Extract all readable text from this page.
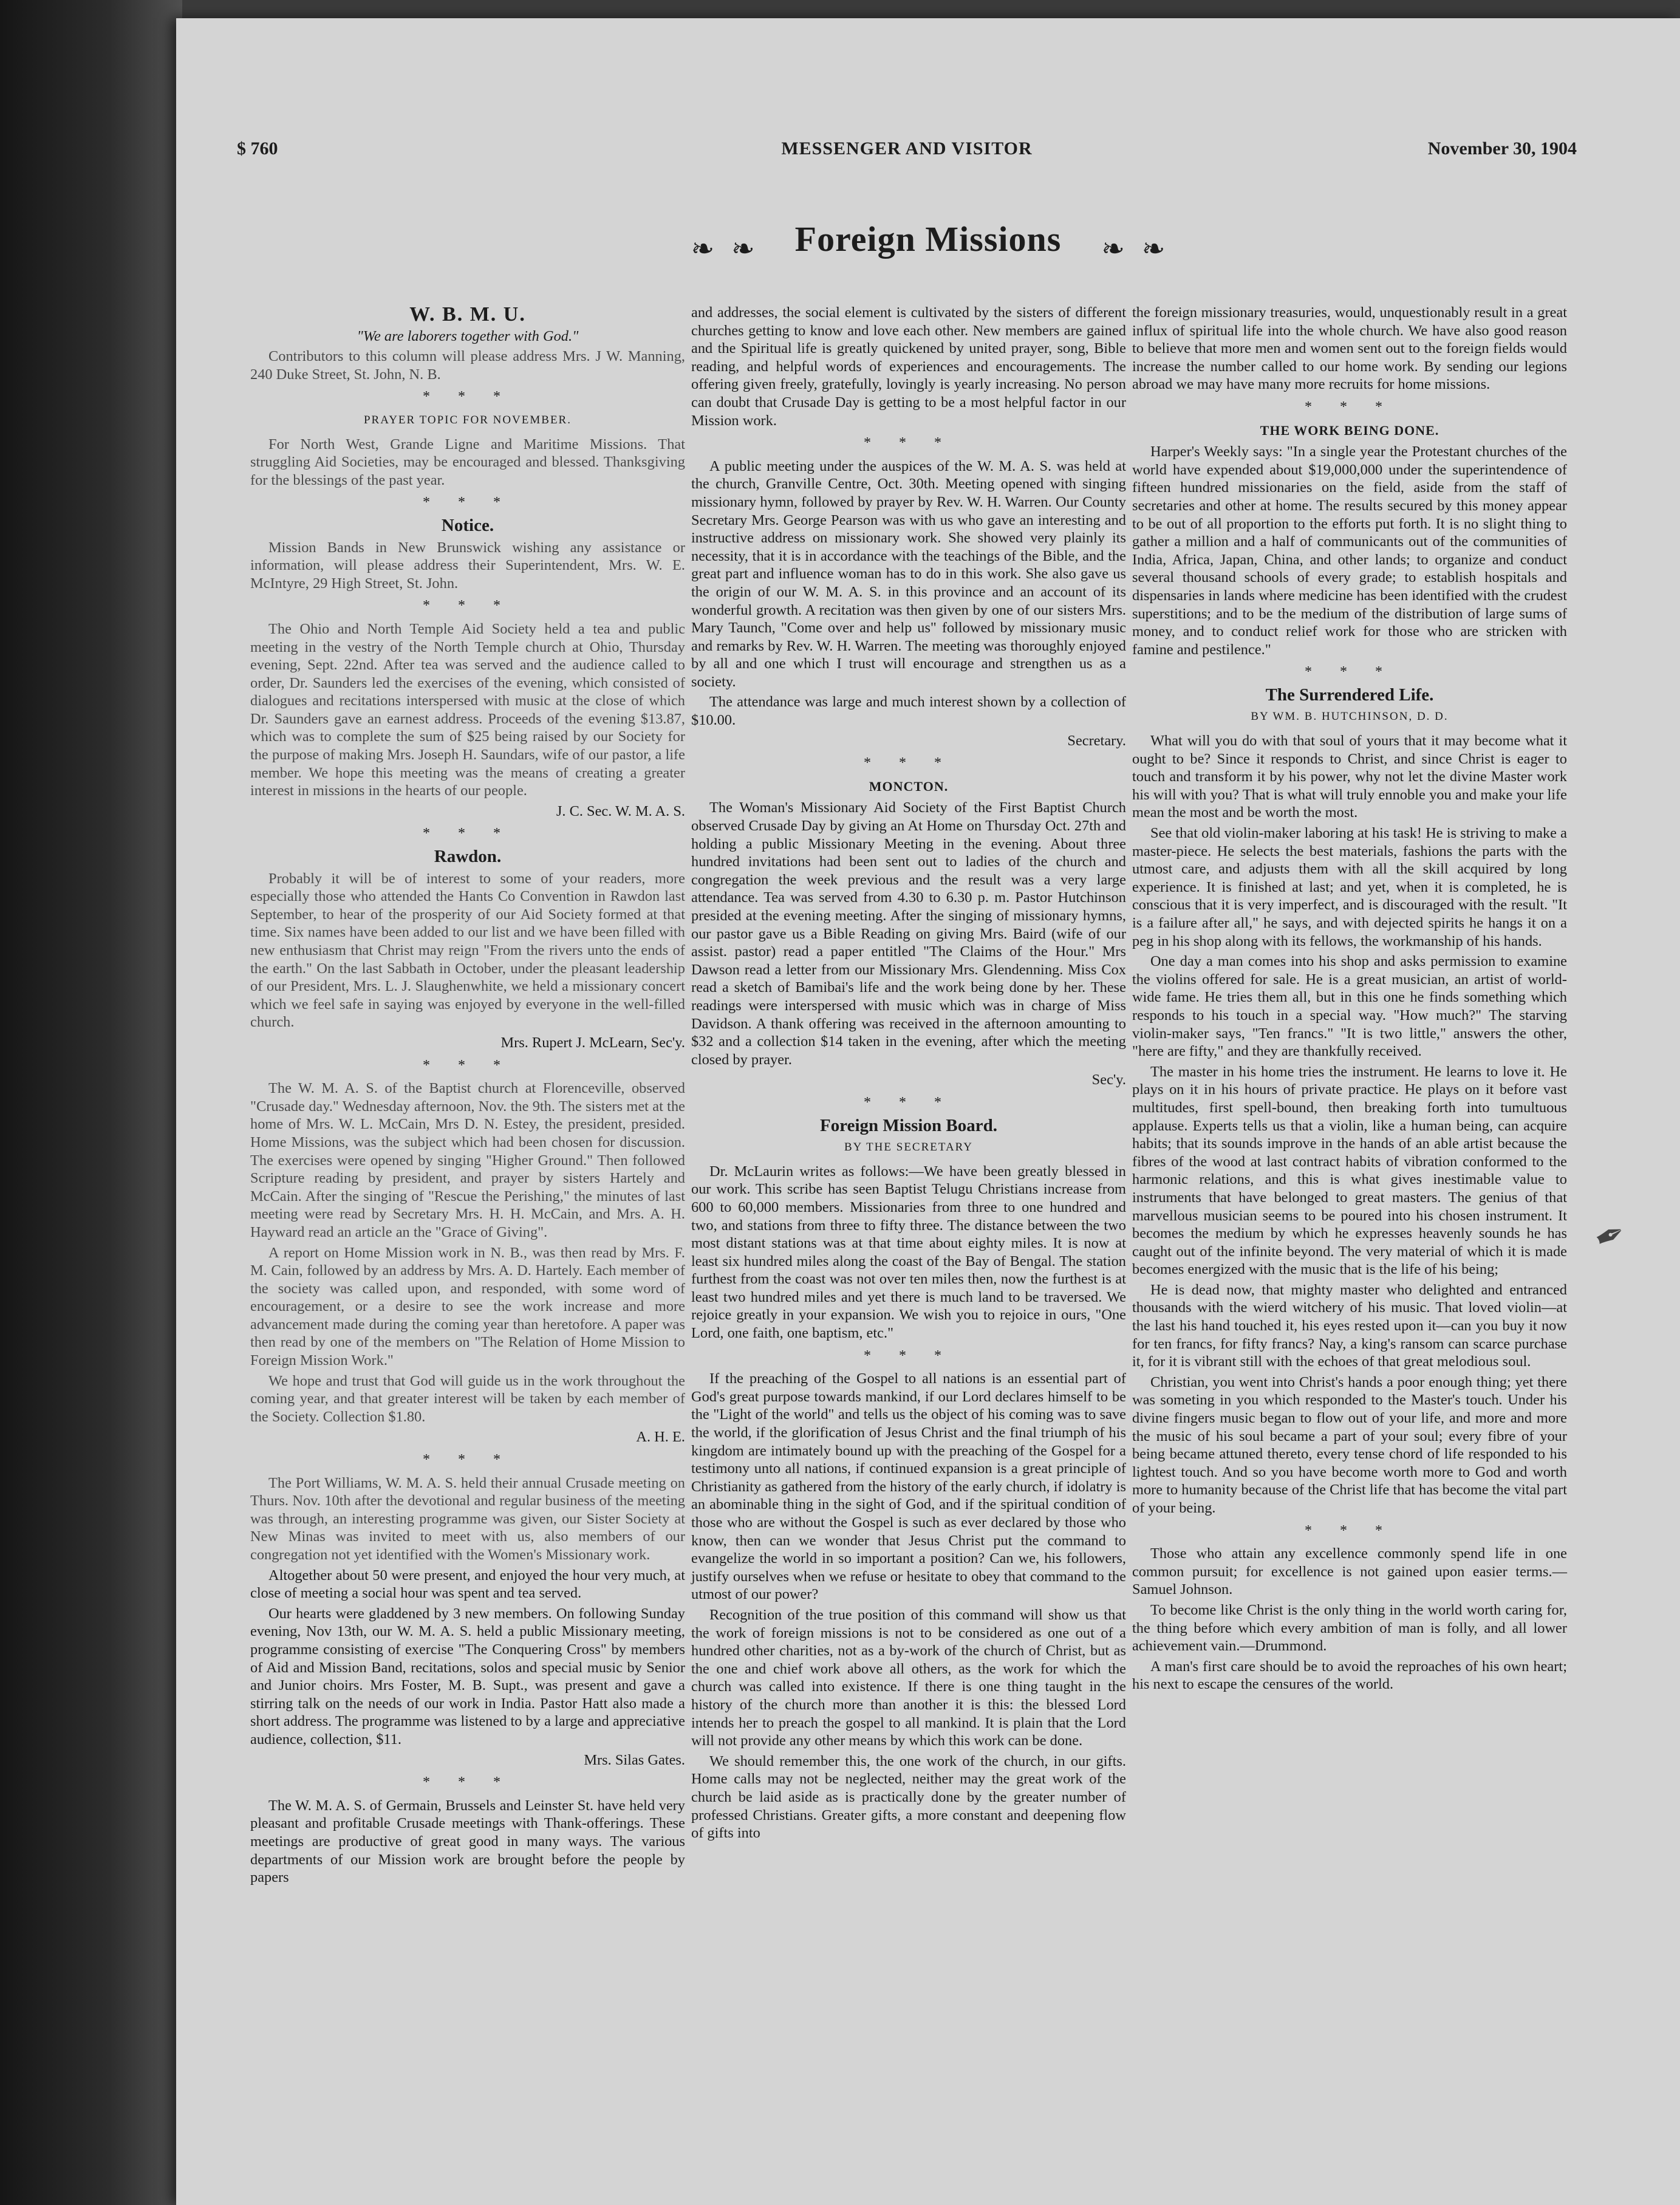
$ 760	MESSENGER AND VISITOR	November 30, 1904
❧ ❧ Foreign Missions ❧ ❧
W. B. M. U.

"We are laborers together with God."

Contributors to this column will please address Mrs. J W. Manning, 240 Duke Street, St. John, N. B.

* * *

PRAYER TOPIC FOR NOVEMBER.

For North West, Grande Ligne and Maritime Missions. That struggling Aid Societies, may be encouraged and blessed. Thanksgiving for the blessings of the past year.

* * *
Notice.

Mission Bands in New Brunswick wishing any assistance or information, will please address their Superintendent, Mrs. W. E. McIntyre, 29 High Street, St. John.

* * *

The Ohio and North Temple Aid Society held a tea and public meeting in the vestry of the North Temple church at Ohio, Thursday evening, Sept. 22nd. After tea was served and the audience called to order, Dr. Saunders led the exercises of the evening, which consisted of dialogues and recitations interspersed with music at the close of which Dr. Saunders gave an earnest address. Proceeds of the evening $13.87, which was to complete the sum of $25 being raised by our Society for the purpose of making Mrs. Joseph H. Saundars, wife of our pastor, a life member. We hope this meeting was the means of creating a greater interest in missions in the hearts of our people.

J. C. Sec. W. M. A. S.

* * *
Rawdon.

Probably it will be of interest to some of your readers, more especially those who attended the Hants Co Convention in Rawdon last September, to hear of the prosperity of our Aid Society formed at that time. Six names have been added to our list and we have been filled with new enthusiasm that Christ may reign "From the rivers unto the ends of the earth." On the last Sabbath in October, under the pleasant leadership of our President, Mrs. L. J. Slaughenwhite, we held a missionary concert which we feel safe in saying was enjoyed by everyone in the well-filled church.

Mrs. Rupert J. McLearn, Sec'y.

* * *

The W. M. A. S. of the Baptist church at Florenceville, observed "Crusade day." Wednesday afternoon, Nov. the 9th. The sisters met at the home of Mrs. W. L. McCain, Mrs D. N. Estey, the president, presided. Home Missions, was the subject which had been chosen for discussion. The exercises were opened by singing "Higher Ground." Then followed Scripture reading by president, and prayer by sisters Hartely and McCain. After the singing of "Rescue the Perishing," the minutes of last meeting were read by Secretary Mrs. H. H. McCain, and Mrs. A. H. Hayward read an article an the "Grace of Giving".

A report on Home Mission work in N. B., was then read by Mrs. F. M. Cain, followed by an address by Mrs. A. D. Hartely. Each member of the society was called upon, and responded, with some word of encouragement, or a desire to see the work increase and more advancement made during the coming year than heretofore. A paper was then read by one of the members on "The Relation of Home Mission to Foreign Mission Work."

We hope and trust that God will guide us in the work throughout the coming year, and that greater interest will be taken by each member of the Society. Collection $1.80.

A. H. E.

* * *

The Port Williams, W. M. A. S. held their annual Crusade meeting on Thurs. Nov. 10th after the devotional and regular business of the meeting was through, an interesting programme was given, our Sister Society at New Minas was invited to meet with us, also members of our congregation not yet identified with the Women's Missionary work.

Altogether about 50 were present, and enjoyed the hour very much, at close of meeting a social hour was spent and tea served.

Our hearts were gladdened by 3 new members. On following Sunday evening, Nov 13th, our W. M. A. S. held a public Missionary meeting, programme consisting of exercise "The Conquering Cross" by members of Aid and Mission Band, recitations, solos and special music by Senior and Junior choirs. Mrs Foster, M. B. Supt., was present and gave a stirring talk on the needs of our work in India. Pastor Hatt also made a short address. The programme was listened to by a large and appreciative audience, collection, $11.

Mrs. Silas Gates.

* * *

The W. M. A. S. of Germain, Brussels and Leinster St. have held very pleasant and profitable Crusade meetings with Thank-offerings. These meetings are productive of great good in many ways. The various departments of our Mission work are brought before the people by papers

and addresses, the social element is cultivated by the sisters of different churches getting to know and love each other. New members are gained and the Spiritual life is greatly quickened by united prayer, song, Bible reading, and helpful words of experiences and encouragements. The offering given freely, gratefully, lovingly is yearly increasing. No person can doubt that Crusade Day is getting to be a most helpful factor in our Mission work.

* * *

A public meeting under the auspices of the W. M. A. S. was held at the church, Granville Centre, Oct. 30th. Meeting opened with singing missionary hymn, followed by prayer by Rev. W. H. Warren. Our County Secretary Mrs. George Pearson was with us who gave an interesting and instructive address on missionary work. She showed very plainly its necessity, that it is in accordance with the teachings of the Bible, and the great part and influence woman has to do in this work. She also gave us the origin of our W. M. A. S. in this province and an account of its wonderful growth. A recitation was then given by one of our sisters Mrs. Mary Taunch, "Come over and help us" followed by missionary music and remarks by Rev. W. H. Warren. The meeting was thoroughly enjoyed by all and one which I trust will encourage and strengthen us as a society.

The attendance was large and much interest shown by a collection of $10.00.

Secretary.

* * *
MONCTON.

The Woman's Missionary Aid Society of the First Baptist Church observed Crusade Day by giving an At Home on Thursday Oct. 27th and holding a public Missionary Meeting in the evening. About three hundred invitations had been sent out to ladies of the church and congregation the week previous and the result was a very large attendance. Tea was served from 4.30 to 6.30 p. m. Pastor Hutchinson presided at the evening meeting. After the singing of missionary hymns, our pastor gave us a Bible Reading on giving Mrs. Baird (wife of our assist. pastor) read a paper entitled "The Claims of the Hour." Mrs Dawson read a letter from our Missionary Mrs. Glendenning. Miss Cox read a sketch of Bamibai's life and the work being done by her. These readings were interspersed with music which was in charge of Miss Davidson. A thank offering was received in the afternoon amounting to $32 and a collection $14 taken in the evening, after which the meeting closed by prayer.

Sec'y.

* * *
Foreign Mission Board.

BY THE SECRETARY

Dr. McLaurin writes as follows:—We have been greatly blessed in our work. This scribe has seen Baptist Telugu Christians increase from 600 to 60,000 members. Missionaries from three to one hundred and two, and stations from three to fifty three. The distance between the two most distant stations was at that time about eighty miles. It is now at least six hundred miles along the coast of the Bay of Bengal. The station furthest from the coast was not over ten miles then, now the furthest is at least two hundred miles and yet there is much land to be traversed. We rejoice greatly in your expansion. We wish you to rejoice in ours, "One Lord, one faith, one baptism, etc."

* * *

If the preaching of the Gospel to all nations is an essential part of God's great purpose towards mankind, if our Lord declares himself to be the "Light of the world" and tells us the object of his coming was to save the world, if the glorification of Jesus Christ and the final triumph of his kingdom are intimately bound up with the preaching of the Gospel for a testimony unto all nations, if continued expansion is a great principle of Christianity as gathered from the history of the early church, if idolatry is an abominable thing in the sight of God, and if the spiritual condition of those who are without the Gospel is such as ever declared by those who know, then can we wonder that Jesus Christ put the command to evangelize the world in so important a position? Can we, his followers, justify ourselves when we refuse or hesitate to obey that command to the utmost of our power?

Recognition of the true position of this command will show us that the work of foreign missions is not to be considered as one out of a hundred other charities, not as a by-work of the church of Christ, but as the one and chief work above all others, as the work for which the church was called into existence. If there is one thing taught in the history of the church more than another it is this: the blessed Lord intends her to preach the gospel to all mankind. It is plain that the Lord will not provide any other means by which this work can be done.

We should remember this, the one work of the church, in our gifts. Home calls may not be neglected, neither may the great work of the church be laid aside as is practically done by the greater number of professed Christians. Greater gifts, a more constant and deepening flow of gifts into

the foreign missionary treasuries, would, unquestionably result in a great influx of spiritual life into the whole church. We have also good reason to believe that more men and women sent out to the foreign fields would increase the number called to our home work. By sending our legions abroad we may have many more recruits for home missions.

* * *
THE WORK BEING DONE.

Harper's Weekly says: "In a single year the Protestant churches of the world have expended about $19,000,000 under the superintendence of fifteen hundred missionaries on the field, aside from the staff of secretaries and other at home. The results secured by this money appear to be out of all proportion to the efforts put forth. It is no slight thing to gather a million and a half of communicants out of the communities of India, Africa, Japan, China, and other lands; to organize and conduct several thousand schools of every grade; to establish hospitals and dispensaries in lands where medicine has been identified with the crudest superstitions; and to be the medium of the distribution of large sums of money, and to conduct relief work for those who are stricken with famine and pestilence."

* * *
The Surrendered Life.

BY WM. B. HUTCHINSON, D. D.

What will you do with that soul of yours that it may become what it ought to be? Since it responds to Christ, and since Christ is eager to touch and transform it by his power, why not let the divine Master work his will with you? That is what will truly ennoble you and make your life mean the most and be worth the most.

See that old violin-maker laboring at his task! He is striving to make a master-piece. He selects the best materials, fashions the parts with the utmost care, and adjusts them with all the skill acquired by long experience. It is finished at last; and yet, when it is completed, he is conscious that it is very imperfect, and is discouraged with the result. "It is a failure after all," he says, and with dejected spirits he hangs it on a peg in his shop along with its fellows, the workmanship of his hands.

One day a man comes into his shop and asks permission to examine the violins offered for sale. He is a great musician, an artist of world-wide fame. He tries them all, but in this one he finds something which responds to his touch in a special way. "How much?" The starving violin-maker says, "Ten francs." "It is two little," answers the other, "here are fifty," and they are thankfully received.

The master in his home tries the instrument. He learns to love it. He plays on it in his hours of private practice. He plays on it before vast multitudes, first spell-bound, then breaking forth into tumultuous applause. Experts tells us that a violin, like a human being, can acquire habits; that its sounds improve in the hands of an able artist because the fibres of the wood at last contract habits of vibration conformed to the harmonic relations, and this is what gives inestimable value to instruments that have belonged to great masters. The genius of that marvellous musician seems to be poured into his chosen instrument. It becomes the medium by which he expresses heavenly sounds he has caught out of the infinite beyond. The very material of which it is made becomes energized with the music that is the life of his being;

He is dead now, that mighty master who delighted and entranced thousands with the wierd witchery of his music. That loved violin—at the last his hand touched it, his eyes rested upon it—can you buy it now for ten francs, for fifty francs? Nay, a king's ransom can scarce purchase it, for it is vibrant still with the echoes of that great melodious soul.

Christian, you went into Christ's hands a poor enough thing; yet there was someting in you which responded to the Master's touch. Under his divine fingers music began to flow out of your life, and more and more the music of his soul became a part of your soul; every fibre of your being became attuned thereto, every tense chord of life responded to his lightest touch. And so you have become worth more to God and worth more to humanity because of the Christ life that has become the vital part of your being.

* * *

Those who attain any excellence commonly spend life in one common pursuit; for excellence is not gained upon easier terms.—Samuel Johnson.

To become like Christ is the only thing in the world worth caring for, the thing before which every ambition of man is folly, and all lower achievement vain.—Drummond.

A man's first care should be to avoid the reproaches of his own heart; his next to escape the censures of the world.

✒
